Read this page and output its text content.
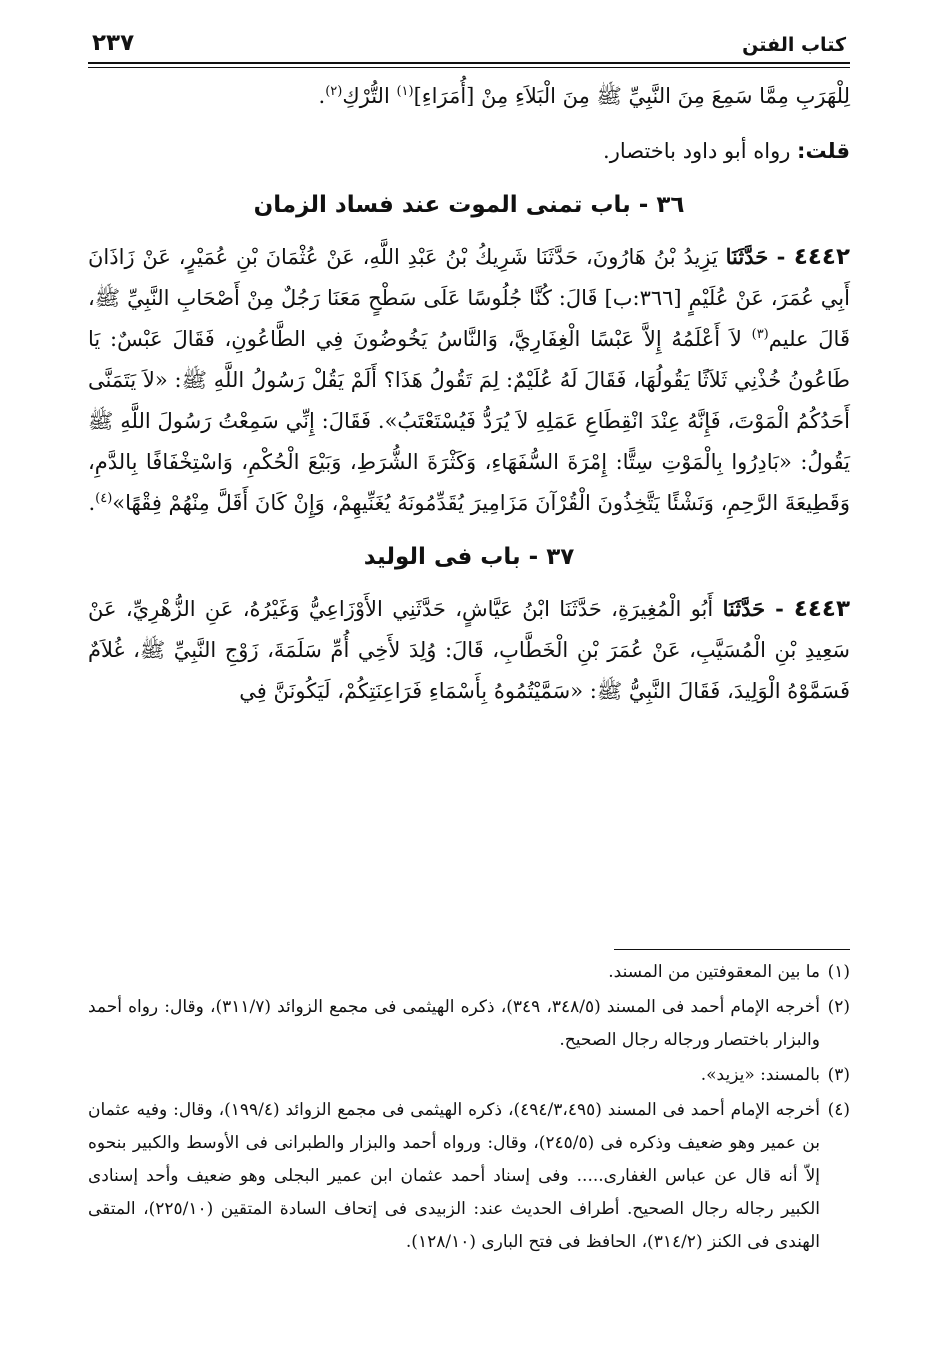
كتاب الفتن
٢٣٧

لِلْهَرَبِ مِمَّا سَمِعَ مِنَ النَّبِيِّ ﷺ مِنَ الْبَلاَءِ مِنْ [أُمَرَاءِ]$^{(١)}$ التُّرْكِ$^{(٢)}$.

قلت: رواه أبو داود باختصار.

٣٦ - باب تمنى الموت عند فساد الزمان

٤٤٤٢ - حَدَّثَنَا يَزِيدُ بْنُ هَارُونَ، حَدَّثَنَا شَرِيكُ بْنُ عَبْدِ اللَّهِ، عَنْ عُثْمَانَ بْنِ عُمَيْرٍ، عَنْ زَاذَانَ أَبِي عُمَرَ، عَنْ عُلَيْمٍ [٣٦٦:ب] قَالَ: كُنَّا جُلُوسًا عَلَى سَطْحٍ مَعَنَا رَجُلٌ مِنْ أَصْحَابِ النَّبِيِّ ﷺ، قَالَ عليم$^{(٣)}$ لاَ أَعْلَمُهُ إِلاَّ عَبْسًا الْغِفَارِيَّ، وَالنَّاسُ يَخُوضُونَ فِي الطَّاعُونِ، فَقَالَ عَبْسٌ: يَا طَاعُونُ خُذْنِي ثَلاَثًا يَقُولُهَا، فَقَالَ لَهُ عُلَيْمٌ: لِمَ تَقُولُ هَذَا؟ أَلَمْ يَقُلْ رَسُولُ اللَّهِ ﷺ: «لاَ يَتَمَنَّى أَحَدُكُمُ الْمَوْتَ، فَإِنَّهُ عِنْدَ انْقِطَاعِ عَمَلِهِ لاَ يُرَدُّ فَيُسْتَعْتَبُ». فَقَالَ: إِنِّي سَمِعْتُ رَسُولَ اللَّهِ ﷺ يَقُولُ: «بَادِرُوا بِالْمَوْتِ سِتًّا: إِمْرَةَ السُّفَهَاءِ، وَكَثْرَةَ الشُّرَطِ، وَبَيْعَ الْحُكْمِ، وَاسْتِخْفَافًا بِالدَّمِ، وَقَطِيعَةَ الرَّحِمِ، وَنَشْئًا يَتَّخِذُونَ الْقُرْآنَ مَزَامِيرَ يُقَدِّمُونَهُ يُغَنِّيهِمْ، وَإِنْ كَانَ أَقَلَّ مِنْهُمْ فِقْهًا»$^{(٤)}$.

٣٧ - باب فى الوليد

٤٤٤٣ - حَدَّثَنَا أَبُو الْمُغِيرَةِ، حَدَّثَنَا ابْنُ عَيَّاشٍ، حَدَّثَنِي الأَوْزَاعِيُّ وَغَيْرُهُ، عَنِ الزُّهْرِيِّ، عَنْ سَعِيدِ بْنِ الْمُسَيَّبِ، عَنْ عُمَرَ بْنِ الْخَطَّابِ، قَالَ: وُلِدَ لأَخِي أُمِّ سَلَمَةَ، زَوْجِ النَّبِيِّ ﷺ، غُلاَمٌ فَسَمَّوْهُ الْوَلِيدَ، فَقَالَ النَّبِيُّ ﷺ: «سَمَّيْتُمُوهُ بِأَسْمَاءِ فَرَاعِنَتِكُمْ، لَيَكُونَنَّ فِي

(١)ما بين المعقوفتين من المسند.

(٢)أخرجه الإمام أحمد فى المسند (٣٤٨/٥، ٣٤٩)، ذكره الهيثمى فى مجمع الزوائد (٣١١/٧)، وقال: رواه أحمد والبزار باختصار ورجاله رجال الصحيح.

(٣)بالمسند: «يزيد».

(٤)أخرجه الإمام أحمد فى المسند (٤٩٤/٣،٤٩٥)، ذكره الهيثمى فى مجمع الزوائد (١٩٩/٤)، وقال: وفيه عثمان بن عمير وهو ضعيف وذكره فى (٢٤٥/٥)، وقال: ورواه أحمد والبزار والطبرانى فى الأوسط والكبير بنحوه إلاّ أنه قال عن عباس الغفارى..... وفى إسناد أحمد عثمان ابن عمير البجلى وهو ضعيف وأحد إسنادى الكبير رجاله رجال الصحيح. أطراف الحديث عند: الزبيدى فى إتحاف السادة المتقين (٢٢٥/١٠)، المتقى الهندى فى الكنز (٣١٤/٢)، الحافظ فى فتح البارى (١٢٨/١٠).
